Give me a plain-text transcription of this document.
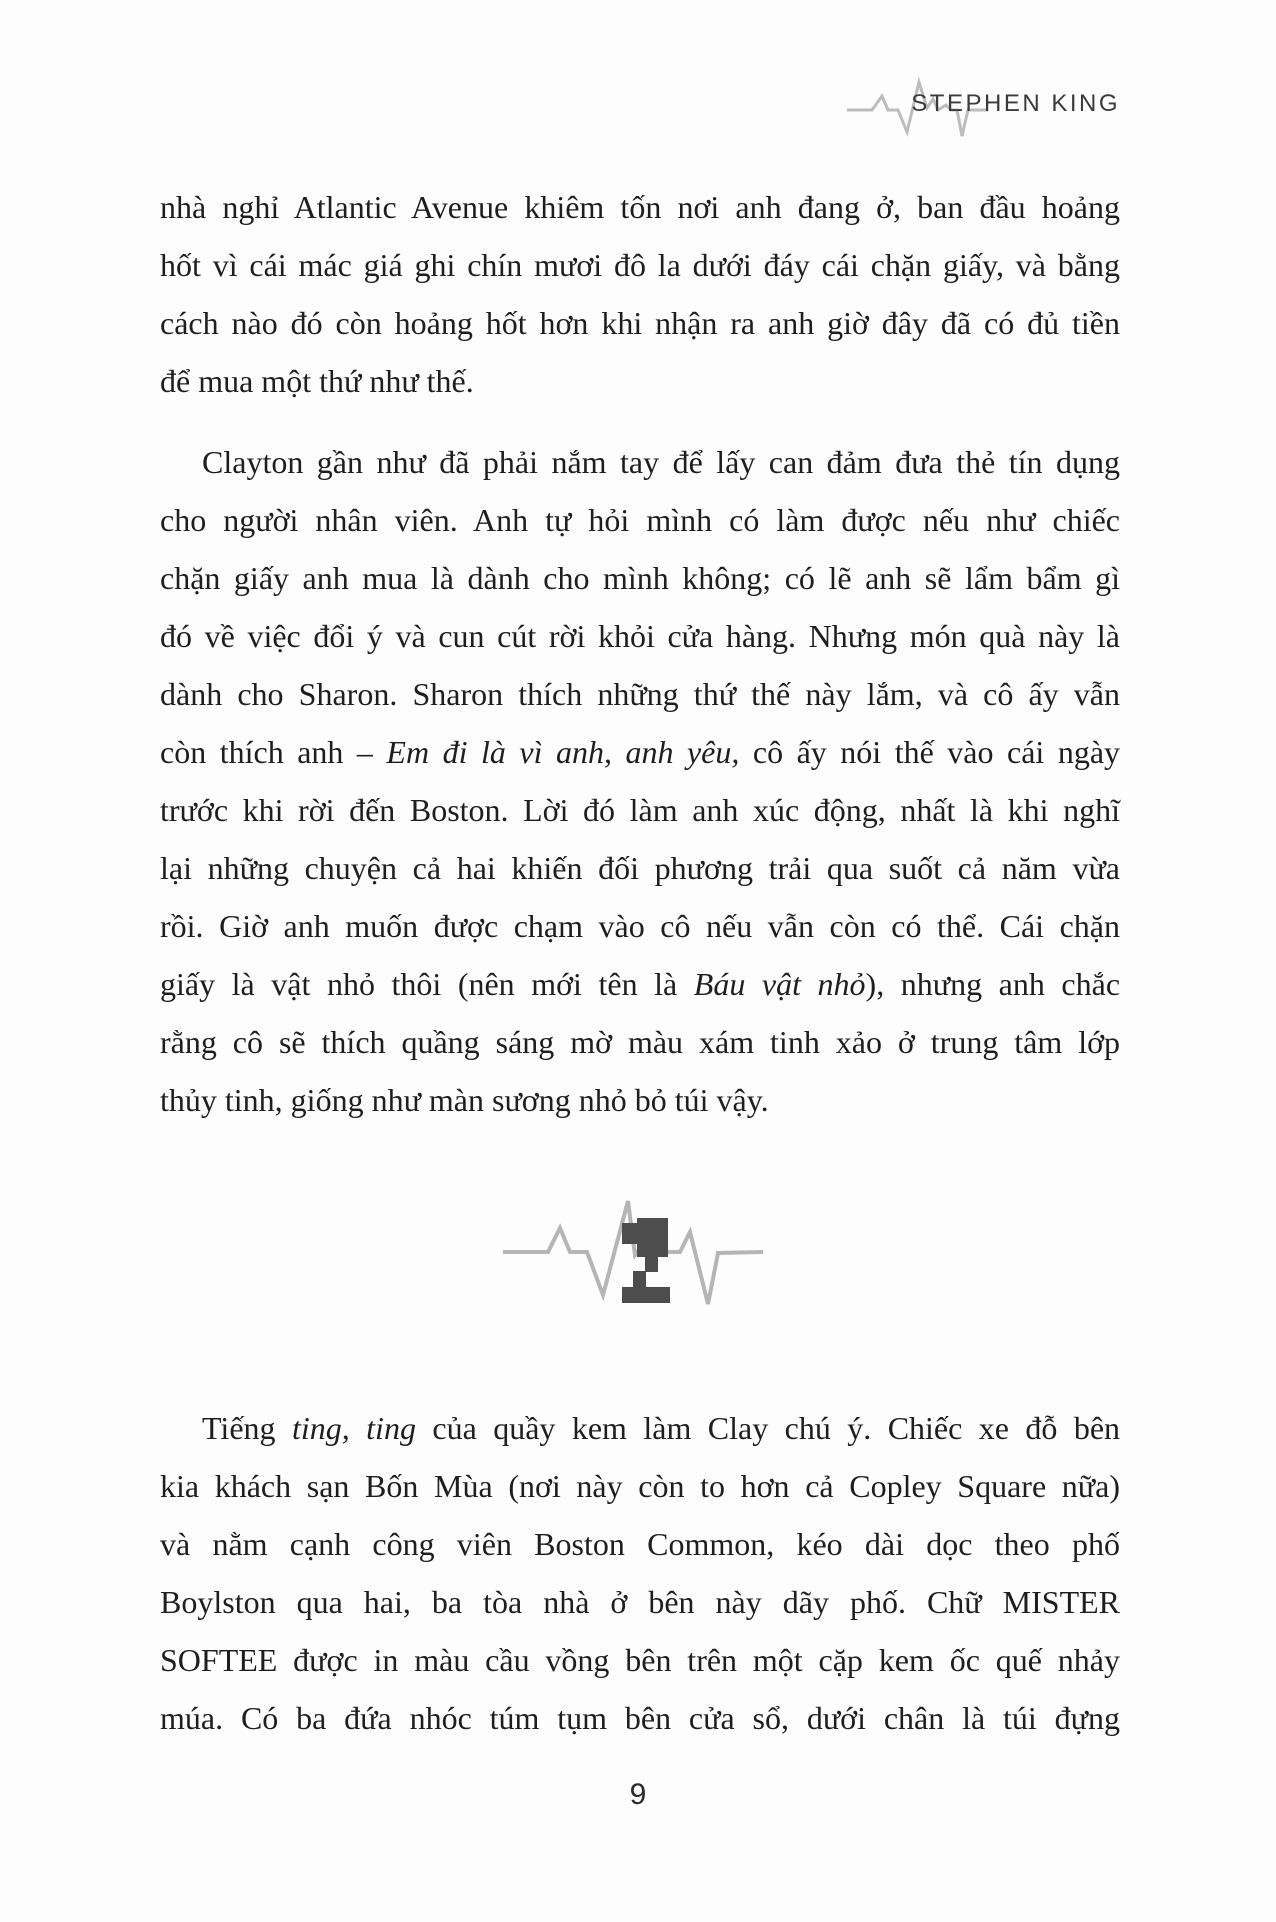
STEPHEN KING
nhà nghỉ Atlantic Avenue khiêm tốn nơi anh đang ở, ban đầu hoảng
hốt vì cái mác giá ghi chín mươi đô la dưới đáy cái chặn giấy, và bằng
cách nào đó còn hoảng hốt hơn khi nhận ra anh giờ đây đã có đủ tiền
để mua một thứ như thế.
Clayton gần như đã phải nắm tay để lấy can đảm đưa thẻ tín dụng
cho người nhân viên. Anh tự hỏi mình có làm được nếu như chiếc
chặn giấy anh mua là dành cho mình không; có lẽ anh sẽ lẩm bẩm gì
đó về việc đổi ý và cun cút rời khỏi cửa hàng. Nhưng món quà này là
dành cho Sharon. Sharon thích những thứ thế này lắm, và cô ấy vẫn
còn thích anh – Em đi là vì anh, anh yêu, cô ấy nói thế vào cái ngày
trước khi rời đến Boston. Lời đó làm anh xúc động, nhất là khi nghĩ
lại những chuyện cả hai khiến đối phương trải qua suốt cả năm vừa
rồi. Giờ anh muốn được chạm vào cô nếu vẫn còn có thể. Cái chặn
giấy là vật nhỏ thôi (nên mới tên là Báu vật nhỏ), nhưng anh chắc
rằng cô sẽ thích quầng sáng mờ màu xám tinh xảo ở trung tâm lớp
thủy tinh, giống như màn sương nhỏ bỏ túi vậy.
Tiếng ting, ting của quầy kem làm Clay chú ý. Chiếc xe đỗ bên
kia khách sạn Bốn Mùa (nơi này còn to hơn cả Copley Square nữa)
và nằm cạnh công viên Boston Common, kéo dài dọc theo phố
Boylston qua hai, ba tòa nhà ở bên này dãy phố. Chữ MISTER
SOFTEE được in màu cầu vồng bên trên một cặp kem ốc quế nhảy
múa. Có ba đứa nhóc túm tụm bên cửa sổ, dưới chân là túi đựng
9
